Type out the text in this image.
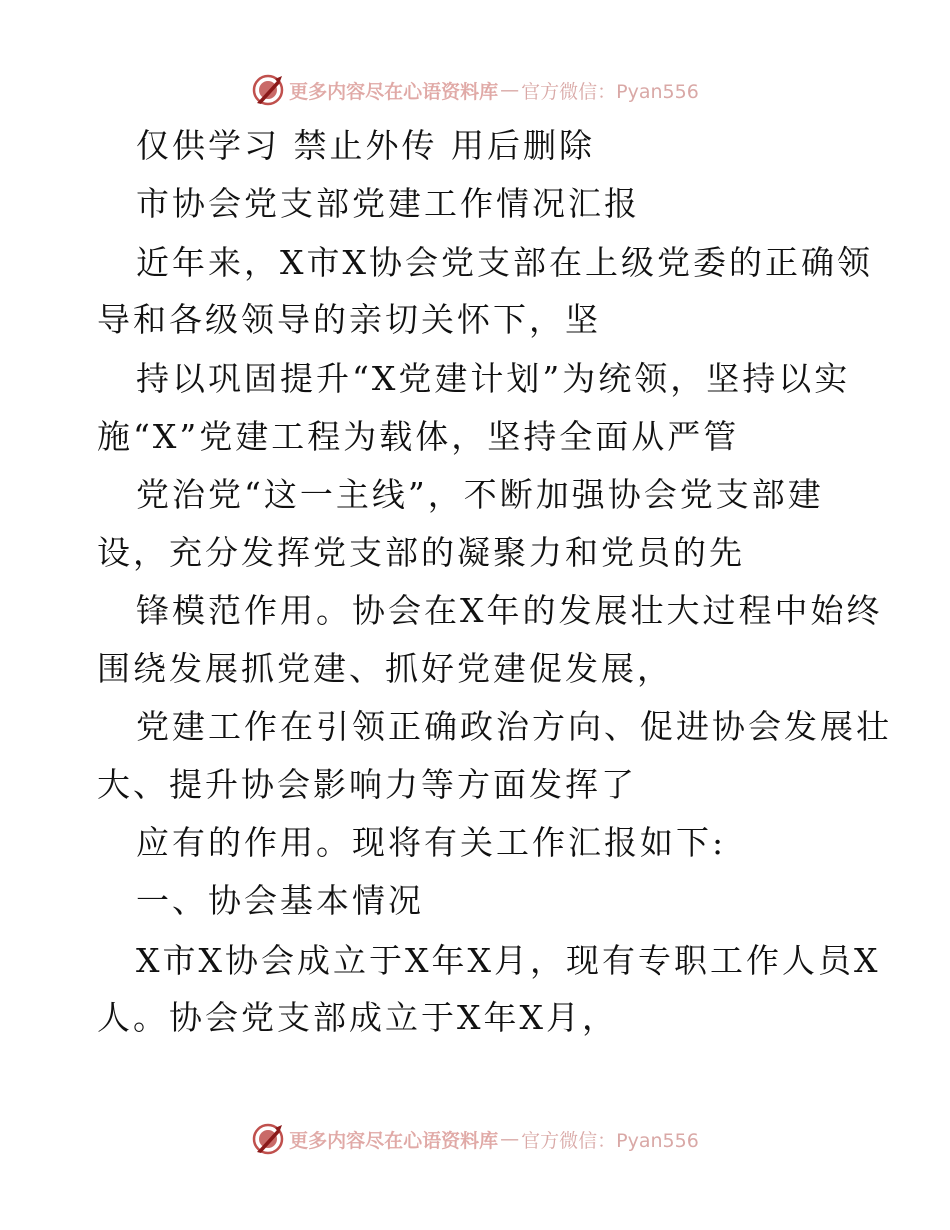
更多内容尽在心语资料库 — 官方微信：Pyan556
仅供学习 禁止外传 用后删除
市协会党支部党建工作情况汇报
近年来，X市X协会党支部在上级党委的正确领
导和各级领导的亲切关怀下，坚
持以巩固提升“X党建计划”为统领，坚持以实
施“X”党建工程为载体，坚持全面从严管
党治党“这一主线”，不断加强协会党支部建
设，充分发挥党支部的凝聚力和党员的先
锋模范作用。协会在X年的发展壮大过程中始终
围绕发展抓党建、抓好党建促发展，
党建工作在引领正确政治方向、促进协会发展壮
大、提升协会影响力等方面发挥了
应有的作用。现将有关工作汇报如下:
一、协会基本情况
X市X协会成立于X年X月，现有专职工作人员X
人。协会党支部成立于X年X月，
更多内容尽在心语资料库 — 官方微信：Pyan556
